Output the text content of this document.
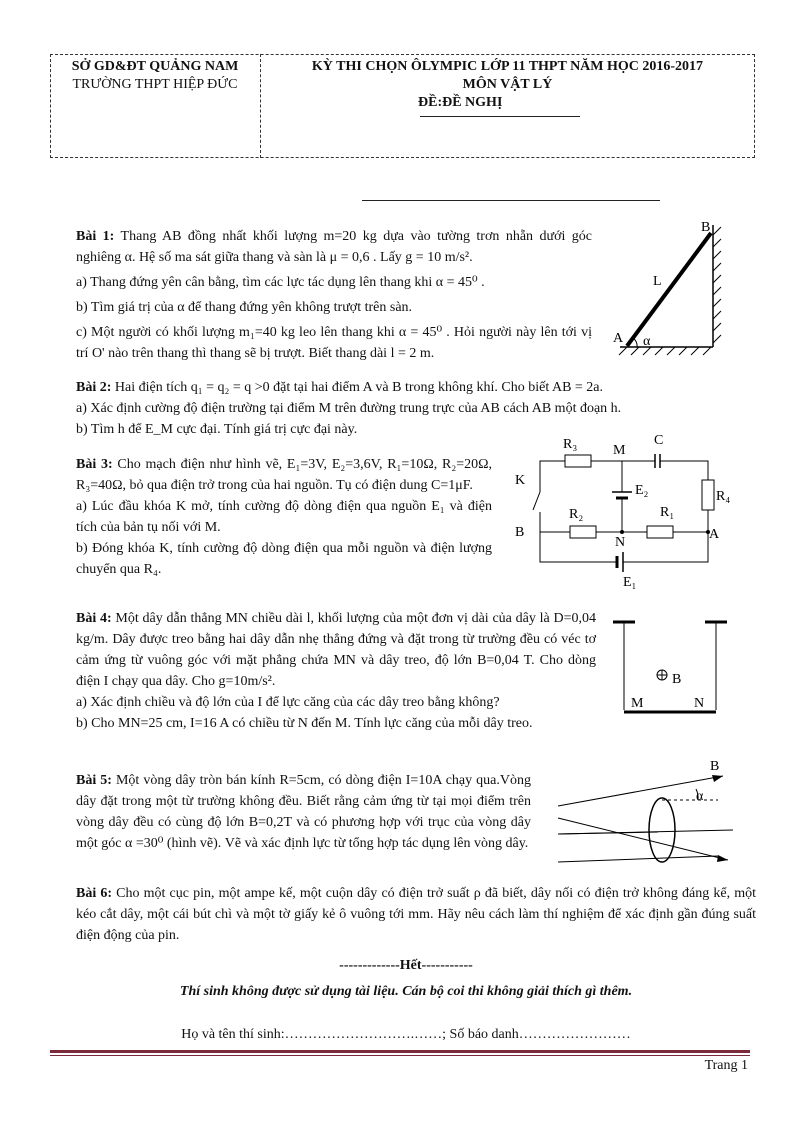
SỞ GD&ĐT QUẢNG NAM
TRƯỜNG THPT HIỆP ĐỨC
KỲ THI CHỌN ÔLYMPIC LỚP 11 THPT NĂM HỌC 2016-2017
MÔN VẬT LÝ
ĐỀ:ĐỀ NGHỊ
Bài 1: Thang AB đồng nhất khối lượng m=20 kg dựa vào tường trơn nhẵn dưới góc nghiêng α. Hệ số ma sát giữa thang và sàn là μ = 0,6 . Lấy g = 10 m/s².
a) Thang đứng yên cân bằng, tìm các lực tác dụng lên thang khi α = 45⁰ .
b) Tìm giá trị của α để thang đứng yên không trượt trên sàn.
c) Một người có khối lượng m₁=40 kg leo lên thang khi α = 45⁰ . Hỏi người này lên tới vị trí O' nào trên thang thì thang sẽ bị trượt. Biết thang dài l = 2 m.
B
L
A α
Bài 2: Hai điện tích q₁ = q₂ = q >0 đặt tại hai điểm A và B trong không khí. Cho biết AB = 2a.
a) Xác định cường độ điện trường tại điểm M trên đường trung trực của AB cách AB một đoạn h.
b) Tìm h để E_M cực đại. Tính giá trị cực đại này.
Bài 3: Cho mạch điện như hình vẽ, E₁=3V, E₂=3,6V, R₁=10Ω, R₂=20Ω, R₃=40Ω, bỏ qua điện trở trong của hai nguồn. Tụ có điện dung C=1μF.
a) Lúc đầu khóa K mở, tính cường độ dòng điện qua nguồn E₁ và điện tích của bản tụ nối với M.
b) Đóng khóa K, tính cường độ dòng điện qua mỗi nguồn và điện lượng chuyển qua R₄.
R₃	C
M
K
E₂	R₄
R₂	R₁
B	A
N
E₁
Bài 4: Một dây dẫn thẳng MN chiều dài l, khối lượng của một đơn vị dài của dây là D=0,04 kg/m. Dây được treo bằng hai dây dẫn nhẹ thẳng đứng và đặt trong từ trường đều có véc tơ cảm ứng từ vuông góc với mặt phẳng chứa MN và dây treo, độ lớn B=0,04 T. Cho dòng điện I chạy qua dây. Cho g=10m/s².
a) Xác định chiều và độ lớn của I để lực căng của các dây treo bằng không?
b) Cho MN=25 cm, I=16 A có chiều từ N đến M. Tính lực căng của mỗi dây treo.
B
M	N
Bài 5: Một vòng dây tròn bán kính R=5cm, có dòng điện I=10A chạy qua.Vòng dây đặt trong một từ trường không đều. Biết rằng cảm ứng từ tại mọi điểm trên vòng dây đều có cùng độ lớn B=0,2T và có phương hợp với trục của vòng dây một góc α =30⁰ (hình vẽ). Vẽ và xác định lực từ tổng hợp tác dụng lên vòng dây.
B
α
Bài 6: Cho một cục pin, một ampe kế, một cuộn dây có điện trở suất ρ đã biết, dây nối có điện trở không đáng kể, một kéo cắt dây, một cái bút chì và một tờ giấy kẻ ô vuông tới mm. Hãy nêu cách làm thí nghiệm để xác định gần đúng suất điện động của pin.
-------------Hết-----------
Thí sinh không được sử dụng tài liệu. Cán bộ coi thi không giải thích gì thêm.
Họ và tên thí sinh:……………………….……; Số báo danh……………………
Trang 1
